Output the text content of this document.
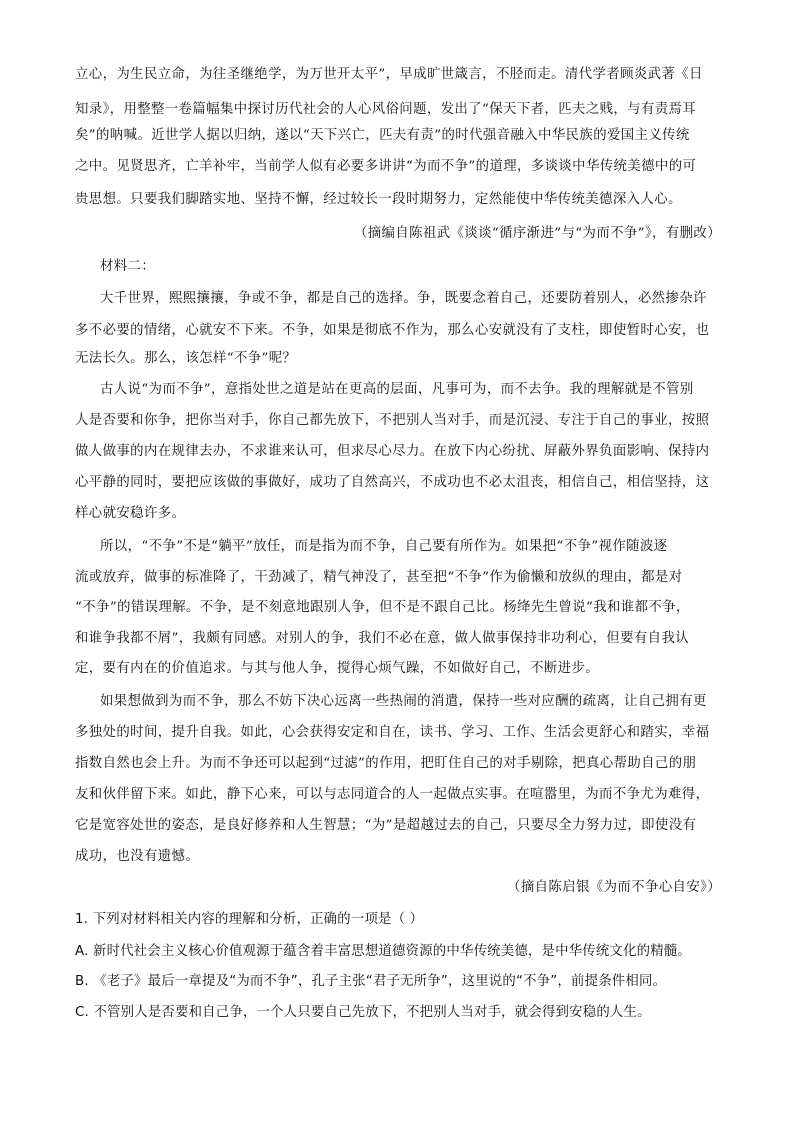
立心，为生民立命，为往圣继绝学，为万世开太平”，早成旷世箴言，不胫而走。清代学者顾炎武著《日
知录》，用整整一卷篇幅集中探讨历代社会的人心风俗问题，发出了“保天下者，匹夫之贱，与有责焉耳
矣”的呐喊。近世学人据以归纳，遂以“天下兴亡，匹夫有责”的时代强音融入中华民族的爱国主义传统
之中。见贤思齐，亡羊补牢，当前学人似有必要多讲讲“为而不争”的道理，多谈谈中华传统美德中的可
贵思想。只要我们脚踏实地、坚持不懈，经过较长一段时期努力，定然能使中华传统美德深入人心。
（摘编自陈祖武《谈谈“循序渐进”与“为而不争”》，有删改）
材料二：
大千世界，熙熙攘攘，争或不争，都是自己的选择。争，既要念着自己，还要防着别人，必然掺杂许
多不必要的情绪，心就安不下来。不争，如果是彻底不作为，那么心安就没有了支柱，即使暂时心安，也
无法长久。那么，该怎样“不争”呢？
古人说“为而不争”，意指处世之道是站在更高的层面，凡事可为，而不去争。我的理解就是不管别
人是否要和你争，把你当对手，你自己都先放下，不把别人当对手，而是沉浸、专注于自己的事业，按照
做人做事的内在规律去办，不求谁来认可，但求尽心尽力。在放下内心纷扰、屏蔽外界负面影响、保持内
心平静的同时，要把应该做的事做好，成功了自然高兴，不成功也不必太沮丧，相信自己，相信坚持，这
样心就安稳许多。
所以，“不争”不是“躺平”放任，而是指为而不争，自己要有所作为。如果把“不争”视作随波逐
流或放弃，做事的标准降了，干劲减了，精气神没了，甚至把“不争”作为偷懒和放纵的理由，都是对
“不争”的错误理解。不争，是不刻意地跟别人争，但不是不跟自己比。杨绛先生曾说“我和谁都不争，
和谁争我都不屑”，我颇有同感。对别人的争，我们不必在意，做人做事保持非功利心，但要有自我认
定，要有内在的价值追求。与其与他人争，搅得心烦气躁，不如做好自己，不断进步。
如果想做到为而不争，那么不妨下决心远离一些热闹的消遣，保持一些对应酬的疏离，让自己拥有更
多独处的时间，提升自我。如此，心会获得安定和自在，读书、学习、工作、生活会更舒心和踏实，幸福
指数自然也会上升。为而不争还可以起到“过滤”的作用，把盯住自己的对手剔除，把真心帮助自己的朋
友和伙伴留下来。如此，静下心来，可以与志同道合的人一起做点实事。在喧嚣里，为而不争尤为难得，
它是宽容处世的姿态，是良好修养和人生智慧；“为”是超越过去的自己，只要尽全力努力过，即使没有
成功，也没有遗憾。
（摘自陈启银《为而不争心自安》）
1. 下列对材料相关内容的理解和分析，正确的一项是（ ）
A. 新时代社会主义核心价值观源于蕴含着丰富思想道德资源的中华传统美德，是中华传统文化的精髓。
B. 《老子》最后一章提及“为而不争”，孔子主张“君子无所争”，这里说的“不争”，前提条件相同。
C. 不管别人是否要和自己争，一个人只要自己先放下，不把别人当对手，就会得到安稳的人生。
